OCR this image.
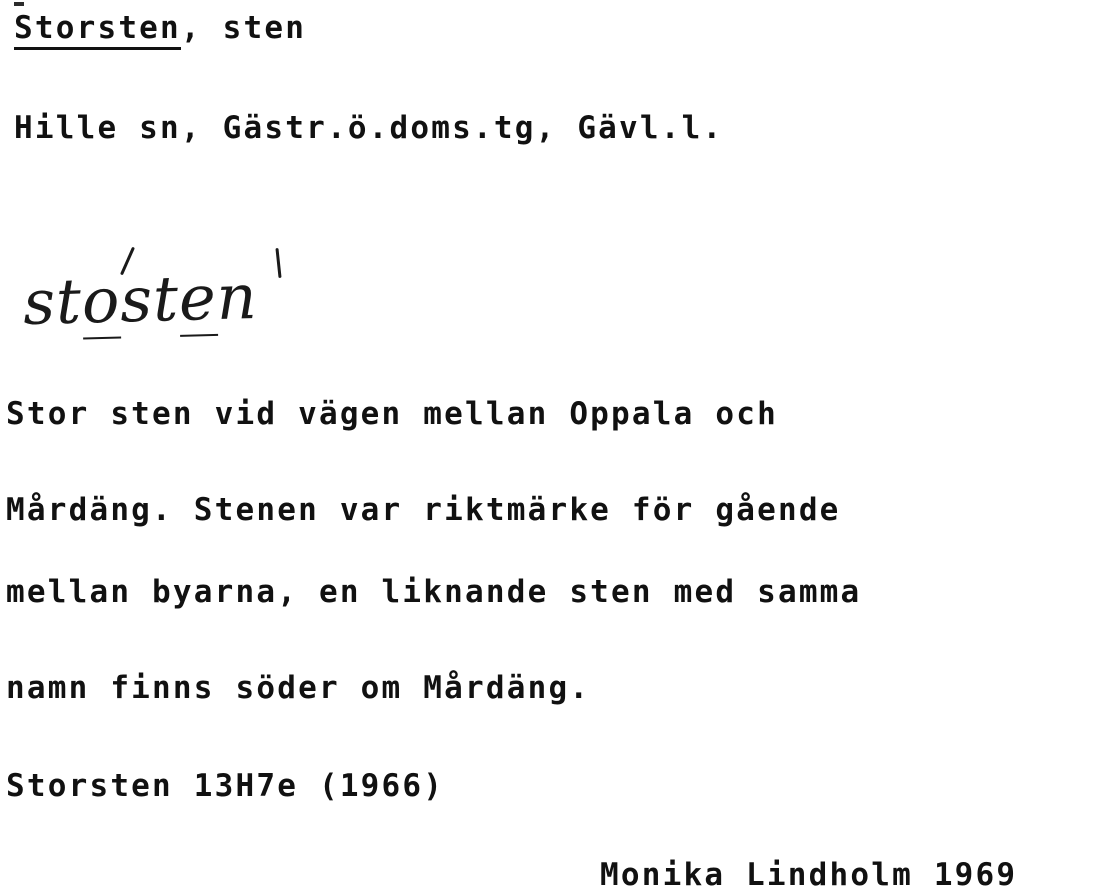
Storsten, sten
Hille sn, Gästr.ö.doms.tg, Gävl.l.
stosten
Stor sten vid vägen mellan Oppala och
Mårdäng. Stenen var riktmärke för gående
mellan byarna, en liknande sten med samma
namn finns söder om Mårdäng.
Storsten 13H7e (1966)
Monika Lindholm 1969
